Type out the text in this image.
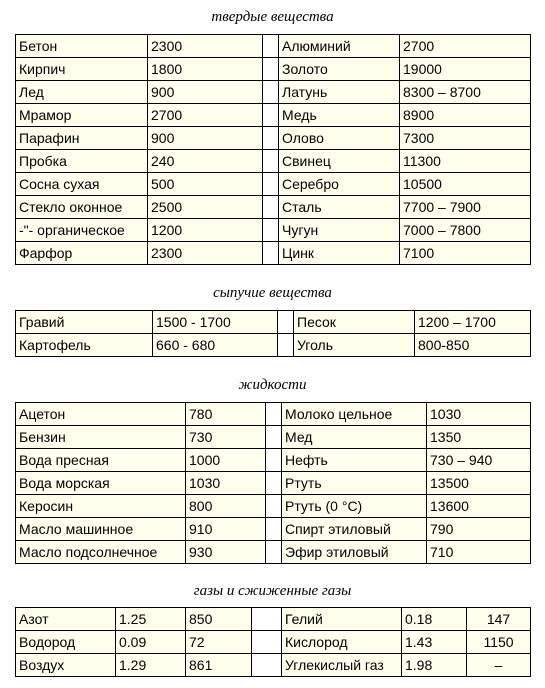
твердые вещества
Бетон	2300		Алюминий	2700
Кирпич	1800		Золото	19000
Лед	900		Латунь	8300 – 8700
Мрамор	2700		Медь	8900
Парафин	900		Олово	7300
Пробка	240		Свинец	11300
Сосна сухая	500		Серебро	10500
Стекло оконное	2500		Сталь	7700 – 7900
-"- органическое	1200		Чугун	7000 – 7800
Фарфор	2300		Цинк	7100
сыпучие вещества
Гравий	1500 - 1700		Песок	1200 – 1700
Картофель	660 - 680		Уголь	800-850
жидкости
Ацетон	780		Молоко цельное	1030
Бензин	730		Мед	1350
Вода пресная	1000		Нефть	730 – 940
Вода морская	1030		Ртуть	13500
Керосин	800		Ртуть (0 °C)	13600
Масло машинное	910		Спирт этиловый	790
Масло подсолнечное	930		Эфир этиловый	710
газы и сжиженные газы
Азот	1.25	850		Гелий	0.18	147
Водород	0.09	72		Кислород	1.43	1150
Воздух	1.29	861		Углекислый газ	1.98	–
